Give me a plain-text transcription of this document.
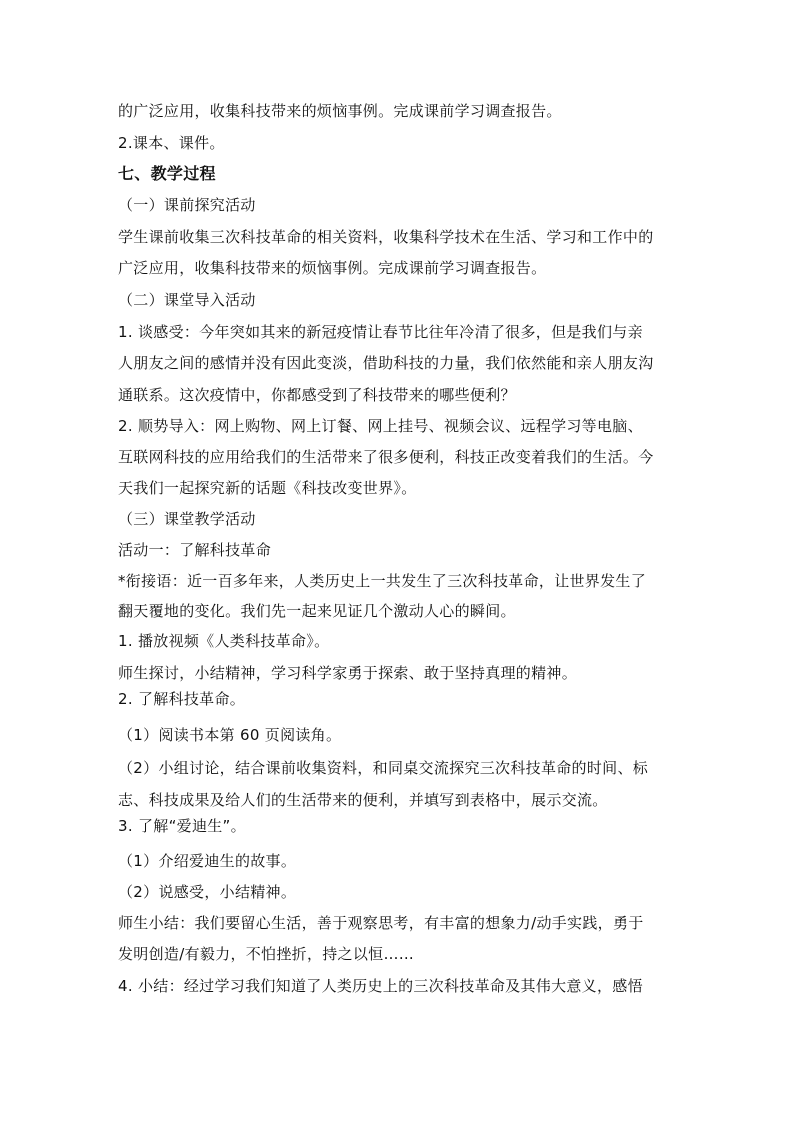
的广泛应用，收集科技带来的烦恼事例。完成课前学习调查报告。
2.课本、课件。
七、教学过程
（一）课前探究活动
学生课前收集三次科技革命的相关资料，收集科学技术在生活、学习和工作中的
广泛应用，收集科技带来的烦恼事例。完成课前学习调查报告。
（二）课堂导入活动
1. 谈感受：今年突如其来的新冠疫情让春节比往年冷清了很多，但是我们与亲
人朋友之间的感情并没有因此变淡，借助科技的力量，我们依然能和亲人朋友沟
通联系。这次疫情中，你都感受到了科技带来的哪些便利？
2. 顺势导入：网上购物、网上订餐、网上挂号、视频会议、远程学习等电脑、
互联网科技的应用给我们的生活带来了很多便利，科技正改变着我们的生活。今
天我们一起探究新的话题《科技改变世界》。
（三）课堂教学活动
活动一：了解科技革命
*衔接语：近一百多年来，人类历史上一共发生了三次科技革命，让世界发生了
翻天覆地的变化。我们先一起来见证几个激动人心的瞬间。
1. 播放视频《人类科技革命》。
师生探讨，小结精神，学习科学家勇于探索、敢于坚持真理的精神。
2. 了解科技革命。
（1）阅读书本第 60 页阅读角。
（2）小组讨论，结合课前收集资料，和同桌交流探究三次科技革命的时间、标
志、科技成果及给人们的生活带来的便利，并填写到表格中，展示交流。
3. 了解“爱迪生”。
（1）介绍爱迪生的故事。
（2）说感受，小结精神。
师生小结：我们要留心生活，善于观察思考，有丰富的想象力/动手实践，勇于
发明创造/有毅力，不怕挫折，持之以恒……
4. 小结：经过学习我们知道了人类历史上的三次科技革命及其伟大意义，感悟
